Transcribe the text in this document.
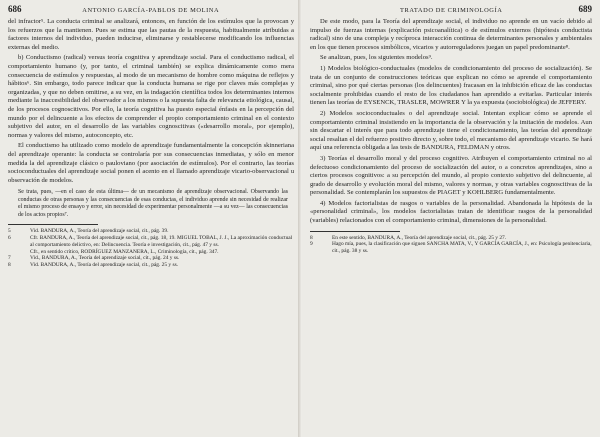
686	ANTONIO GARCÍA-PABLOS DE MOLINA

del infractor⁵. La conducta criminal se analizará, entonces, en función de los estímulos que la provocan y los refuerzos que la mantienen. Pues se estima que las pautas de la respuesta, habitualmente atribuidas a factores internos del individuo, pueden inducirse, eliminarse y restablecerse modificando los influencias externas del medio.

b) Conductismo (radical) versus teoría cognitiva y aprendizaje social. Para el conductismo radical, el comportamiento humano (y, por tanto, el criminal también) se explica dinámicamente como mera consecuencia de estímulos y respuestas, al modo de un mecanismo de hombre como máquina de reflejos y hábitos⁶. Sin embargo, todo parece indicar que la conducta humana se rige por claves más complejas y organizadas, y que no deben omitirse, a su vez, en la indagación científica todos los determinantes internos mediante la inaccesibilidad del observador a los mismos o la supuesta falta de relevancia etiológica, causal, de los procesos cognoscitivos. Por ello, la teoría cognitiva ha puesto especial énfasis en la percepción del mundo por el delincuente a los efectos de comprender el propio comportamiento criminal en el contexto subjetivo del autor, en el desarrollo de las variables cognoscitivas («desarrollo moral», por ejemplo), normas y valores del mismo, autoconcepto, etc.

El conductismo ha utilizado como modelo de aprendizaje fundamentalmente la concepción skinneriana del aprendizaje operante: la conducta se controlaría por sus consecuencias inmediatas, y sólo en menor medida la del aprendizaje clásico o pauloviano (por asociación de estímulos). Por el contrario, las teorías socioconductuales del aprendizaje social ponen el acento en el llamado aprendizaje vicario-observacional u observación de modelos.

Se trata, pues, —en el caso de esta última— de un mecanismo de aprendizaje observacional. Observando las conductas de otras personas y las consecuencias de esas conductas, el individuo aprende sin necesidad de realizar el mismo proceso de ensayo y error, sin necesidad de experimentar personalmente —a su vez— las consecuencias de los actos propios⁷.
5	Vid. BANDURA, A., Teoría del aprendizaje social, cit., pág. 39.
6	Cfr. BANDURA, A., Teoría del aprendizaje social, cit., pág. 18, 19. MIGUEL TOBAL, J. J., La aproximación conductual al comportamiento delictivo, en: Delincuencia. Teoría e investigación, cit., pág. 47 y ss.
Cfr., en sentido crítico, RODRÍGUEZ MANZANERA, L., Criminología, cit., pág. 347.
7	Vid., BANDURA, A., Teoría del aprendizaje social, cit., pág. 24 y ss.
8	Vid. BANDURA, A., Teoría del aprendizaje social, cit., pág. 25 y ss.
TRATADO DE CRIMINOLOGÍA	689

De este modo, para la Teoría del aprendizaje social, el individuo no aprende en un vacío debido al impulso de fuerzas internas (explicación psicoanalítica) o de estímulos externos (hipótesis conductista radical) sino de una compleja y recíproca interacción continua de determinantes personales y ambientales en los que tienen procesos simbólicos, vicarios y autorreguladores juegan un papel predominante⁸.

Se analizan, pues, los siguientes modelos⁹.

1) Modelos biológico-conductuales (modelos de condicionamiento del proceso de socialización). Se trata de un conjunto de construcciones teóricas que explican no cómo se aprende el comportamiento criminal, sino por qué ciertas personas (los delincuentes) fracasan en la inhibición eficaz de las conductas socialmente prohibidas cuando el resto de los ciudadanos han aprendido a evitarlas. Particular interés tienen las teorías de EYSENCK, TRASLER, MOWRER Y la ya expuesta (sociobiológica) de JEFFERY.

2) Modelos socioconductuales o del aprendizaje social. Intentan explicar cómo se aprende el comportamiento criminal insistiendo en la importancia de la observación y la imitación de modelos. Aun sin descartar el interés que para todo aprendizaje tiene el condicionamiento, las teorías del aprendizaje social resaltan el del refuerzo positivo directo y, sobre todo, el mecanismo del aprendizaje vicario. Se hará aquí una referencia obligada a las tesis de BANDURA, FELDMAN y otros.

3) Teorías el desarrollo moral y del proceso cognitivo. Atribuyen el comportamiento criminal no al defectuoso condicionamiento del proceso de socialización del autor, o a concretos aprendizajes, sino a ciertos procesos cognitivos: a su percepción del mundo, al propio contexto subjetivo del delincuente, al grado de desarrollo y evolución moral del mismo, valores y normas, y otras variables cognoscitivas de la personalidad. Se contemplarán los supuestos de PIAGET y KOHLBERG fundamentalmente.

4) Modelos factorialistas de rasgos o variables de la personalidad. Abandonada la hipótesis de la «personalidad criminal», los modelos factorialistas tratan de identificar rasgos de la personalidad (variables) relacionados con el comportamiento criminal, dimensiones de la personalidad.

8	En este sentido, BANDURA, A., Teoría del aprendizaje social, cit., pág. 25 y 27.
9	Hago mía, pues, la clasificación que siguen SANCHA MATA, V., Y GARCÍA GARCÍA, J., en: Psicología penitenciaria, cit., pág. 38 y ss.
